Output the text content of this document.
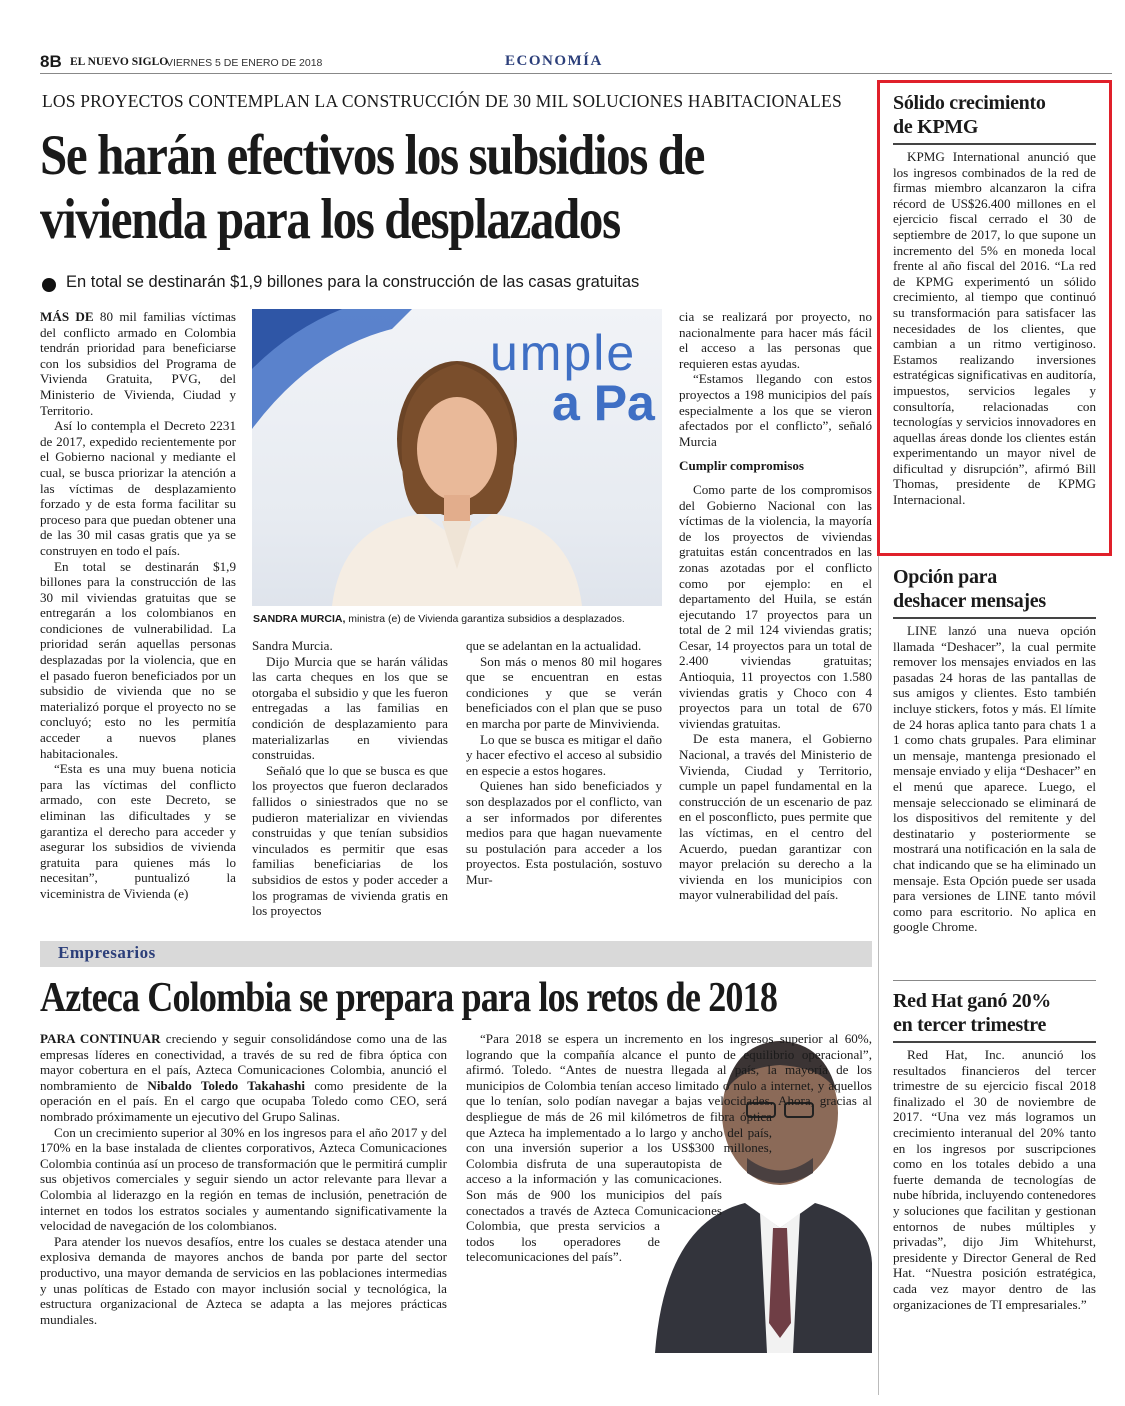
8B EL NUEVO SIGLO
VIERNES 5 DE ENERO DE 2018	ECONOMÍA
LOS PROYECTOS CONTEMPLAN LA CONSTRUCCIÓN DE 30 MIL SOLUCIONES HABITACIONALES
Se harán efectivos los subsidios de
vivienda para los desplazados
En total se destinarán $1,9 billones para la construcción de las casas gratuitas

MÁS DE 80 mil familias víctimas del conflicto armado en Colombia tendrán prioridad para beneficiarse con los subsidios del Programa de Vivienda Gratuita, PVG, del Ministerio de Vivienda, Ciudad y Territorio.

Así lo contempla el Decreto 2231 de 2017, expedido recientemente por el Gobierno nacional y mediante el cual, se busca priorizar la atención a las víctimas de desplazamiento forzado y de esta forma facilitar su proceso para que puedan obtener una de las 30 mil casas gratis que ya se construyen en todo el país.

En total se destinarán $1,9 billones para la construcción de las 30 mil viviendas gratuitas que se entregarán a los colombianos en condiciones de vulnerabilidad. La prioridad serán aquellas personas desplazadas por la violencia, que en el pasado fueron beneficiados por un subsidio de vivienda que no se materializó porque el proyecto no se concluyó; esto no les permitía acceder a nuevos planes habitacionales.

“Esta es una muy buena noticia para las víctimas del conflicto armado, con este Decreto, se eliminan las dificultades y se garantiza el derecho para acceder y asegurar los subsidios de vivienda gratuita para quienes más lo necesitan”, puntualizó la viceministra de Vivienda (e)

umple
a Pa
SANDRA MURCIA, ministra (e) de Vivienda garantiza subsidios a desplazados.

Sandra Murcia.

Dijo Murcia que se harán válidas las carta cheques en los que se otorgaba el subsidio y que les fueron entregadas a las familias en condición de desplazamiento para materializarlas en viviendas construidas.

Señaló que lo que se busca es que los proyectos que fueron declarados fallidos o siniestrados que no se pudieron materializar en viviendas construidas y que tenían subsidios vinculados es permitir que esas familias beneficiarias de los subsidios de estos y poder acceder a los programas de vivienda gratis en los proyectos

que se adelantan en la actualidad.

Son más o menos 80 mil hogares que se encuentran en estas condiciones y que se verán beneficiados con el plan que se puso en marcha por parte de Minvivienda.

Lo que se busca es mitigar el daño y hacer efectivo el acceso al subsidio en especie a estos hogares.

Quienes han sido beneficiados y son desplazados por el conflicto, van a ser informados por diferentes medios para que hagan nuevamente su postulación para acceder a los proyectos. Esta postulación, sostuvo Mur-

cia se realizará por proyecto, no nacionalmente para hacer más fácil el acceso a las personas que requieren estas ayudas.

“Estamos llegando con estos proyectos a 198 municipios del país especialmente a los que se vieron afectados por el conflicto”, señaló Murcia

Cumplir compromisos

Como parte de los compromisos del Gobierno Nacional con las víctimas de la violencia, la mayoría de los proyectos de viviendas gratuitas están concentrados en las zonas azotadas por el conflicto como por ejemplo: en el departamento del Huila, se están ejecutando 17 proyectos para un total de 2 mil 124 viviendas gratis; Cesar, 14 proyectos para un total de 2.400 viviendas gratuitas; Antioquia, 11 proyectos con 1.580 viviendas gratis y Choco con 4 proyectos para un total de 670 viviendas gratuitas.

De esta manera, el Gobierno Nacional, a través del Ministerio de Vivienda, Ciudad y Territorio, cumple un papel fundamental en la construcción de un escenario de paz en el posconflicto, pues permite que las víctimas, en el centro del Acuerdo, puedan garantizar con mayor prelación su derecho a la vivienda en los municipios con mayor vulnerabilidad del país.

Empresarios
Azteca Colombia se prepara para los retos de 2018

PARA CONTINUAR creciendo y seguir consolidándose como una de las empresas líderes en conectividad, a través de su red de fibra óptica con mayor cobertura en el país, Azteca Comunicaciones Colombia, anunció el nombramiento de Nibaldo Toledo Takahashi como presidente de la operación en el país. En el cargo que ocupaba Toledo como CEO, será nombrado próximamente un ejecutivo del Grupo Salinas.

Con un crecimiento superior al 30% en los ingresos para el año 2017 y del 170% en la base instalada de clientes corporativos, Azteca Comunicaciones Colombia continúa así un proceso de transformación que le permitirá cumplir sus objetivos comerciales y seguir siendo un actor relevante para llevar a Colombia al liderazgo en la región en temas de inclusión, penetración de internet en todos los estratos sociales y aumentando significativamente la velocidad de navegación de los colombianos.

Para atender los nuevos desafíos, entre los cuales se destaca atender una explosiva demanda de mayores anchos de banda por parte del sector productivo, una mayor demanda de servicios en las poblaciones intermedias y unas políticas de Estado con mayor inclusión social y tecnológica, la estructura organizacional de Azteca se adapta a las mejores prácticas mundiales.

“Para 2018 se espera un incremento en los ingresos superior al 60%, logrando que la compañía alcance el punto de equilibrio operacional”, afirmó. Toledo. “Antes de nuestra llegada al país, la mayoría de los municipios de Colombia tenían acceso limitado o nulo a internet, y aquellos que lo tenían, solo podían navegar a bajas velocidades. Ahora, gracias al despliegue de más de 26 mil kilómetros de fibra óptica que Azteca ha implementado a lo largo y ancho del país, con una inversión superior a los US$300 millones, Colombia disfruta de una superautopista de acceso a la información y las comunicaciones. Son más de 900 los municipios del país conectados a través de Azteca Comunicaciones Colombia, que presta servicios a todos los operadores de telecomunicaciones del país”.

Sólido crecimiento
de KPMG

KPMG International anunció que los ingresos combinados de la red de firmas miembro alcanzaron la cifra récord de US$26.400 millones en el ejercicio fiscal cerrado el 30 de septiembre de 2017, lo que supone un incremento del 5% en moneda local frente al año fiscal del 2016. “La red de KPMG experimentó un sólido crecimiento, al tiempo que continuó su transformación para satisfacer las necesidades de los clientes, que cambian a un ritmo vertiginoso. Estamos realizando inversiones estratégicas significativas en auditoría, impuestos, servicios legales y consultoría, relacionadas con tecnologías y servicios innovadores en aquellas áreas donde los clientes están experimentando un mayor nivel de dificultad y disrupción”, afirmó Bill Thomas, presidente de KPMG Internacional.

Opción para
deshacer mensajes

LINE lanzó una nueva opción llamada “Deshacer”, la cual permite remover los mensajes enviados en las pasadas 24 horas de las pantallas de sus amigos y clientes. Esto también incluye stickers, fotos y más. El límite de 24 horas aplica tanto para chats 1 a 1 como chats grupales. Para eliminar un mensaje, mantenga presionado el mensaje enviado y elija “Deshacer” en el menú que aparece. Luego, el mensaje seleccionado se eliminará de los dispositivos del remitente y del destinatario y posteriormente se mostrará una notificación en la sala de chat indicando que se ha eliminado un mensaje. Esta Opción puede ser usada para versiones de LINE tanto móvil como para escritorio. No aplica en google Chrome.

Red Hat ganó 20%
en tercer trimestre

Red Hat, Inc. anunció los resultados financieros del tercer trimestre de su ejercicio fiscal 2018 finalizado el 30 de noviembre de 2017. “Una vez más logramos un crecimiento interanual del 20% tanto en los ingresos por suscripciones como en los totales debido a una fuerte demanda de tecnologías de nube híbrida, incluyendo contenedores y soluciones que facilitan y gestionan entornos de nubes múltiples y privadas”, dijo Jim Whitehurst, presidente y Director General de Red Hat. “Nuestra posición estratégica, cada vez mayor dentro de las organizaciones de TI empresariales.”
